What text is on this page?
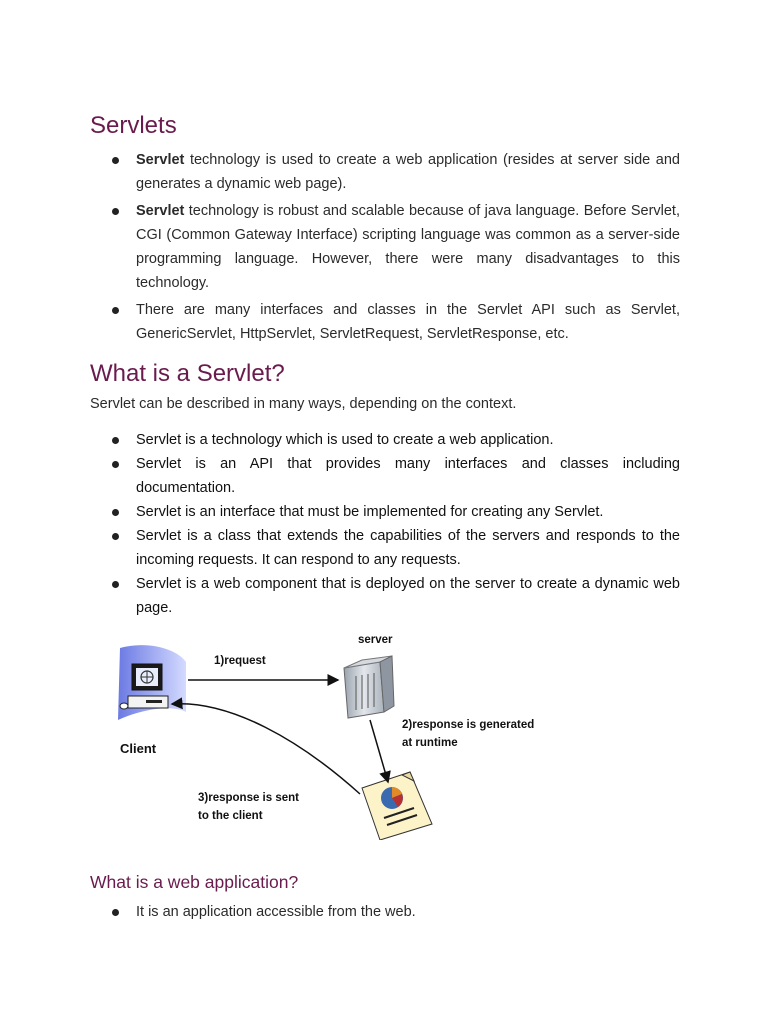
Servlets
Servlet technology is used to create a web application (resides at server side and generates a dynamic web page).
Servlet technology is robust and scalable because of java language. Before Servlet, CGI (Common Gateway Interface) scripting language was common as a server-side programming language. However, there were many disadvantages to this technology.
There are many interfaces and classes in the Servlet API such as Servlet, GenericServlet, HttpServlet, ServletRequest, ServletResponse, etc.
What is a Servlet?

Servlet can be described in many ways, depending on the context.

Servlet is a technology which is used to create a web application.
Servlet is an API that provides many interfaces and classes including documentation.
Servlet is an interface that must be implemented for creating any Servlet.
Servlet is a class that extends the capabilities of the servers and responds to the incoming requests. It can respond to any requests.
Servlet is a web component that is deployed on the server to create a dynamic web page.
server
1)request
2)response is generated
at runtime
Client
3)response is sent
to the client
What is a web application?
It is an application accessible from the web.
